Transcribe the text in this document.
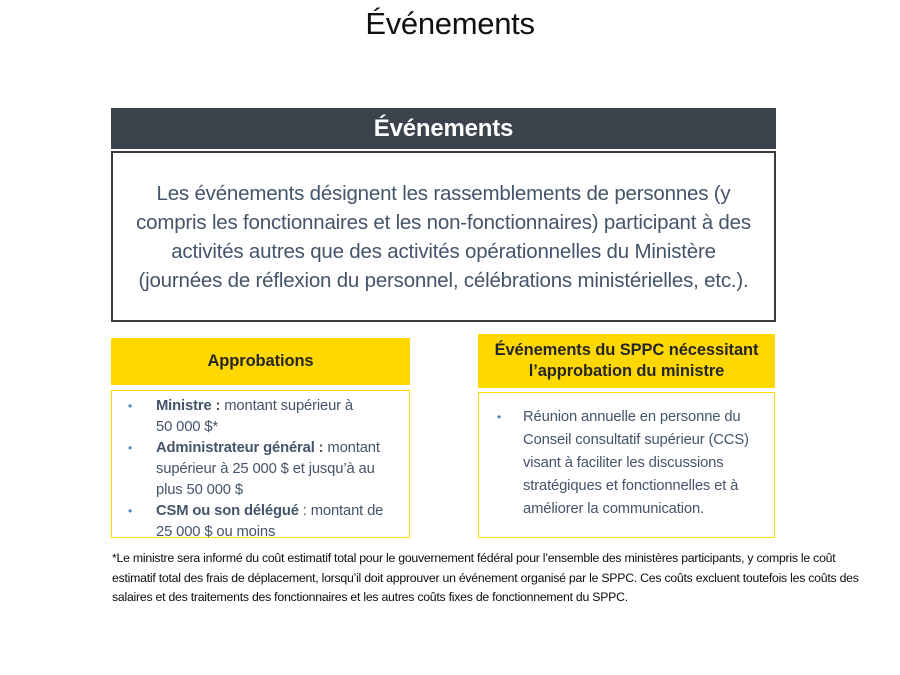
Événements
Événements

Les événements désignent les rassemblements de personnes (y compris les fonctionnaires et les non-fonctionnaires) participant à des activités autres que des activités opérationnelles du Ministère (journées de réflexion du personnel, célébrations ministérielles, etc.).

Approbations
•	Ministre : montant supérieur à 50 000 $*
•	Administrateur général : montant supérieur à 25 000 $ et jusqu’à au plus 50 000 $
•	CSM ou son délégué : montant de 25 000 $ ou moins
Événements du SPPC nécessitant l’approbation du ministre
•	Réunion annuelle en personne du Conseil consultatif supérieur (CCS) visant à faciliter les discussions stratégiques et fonctionnelles et à améliorer la communication.

*Le ministre sera informé du coût estimatif total pour le gouvernement fédéral pour l’ensemble des ministères participants, y compris le coût estimatif total des frais de déplacement, lorsqu’il doit approuver un événement organisé par le SPPC. Ces coûts excluent toutefois les coûts des salaires et des traitements des fonctionnaires et les autres coûts fixes de fonctionnement du SPPC.
